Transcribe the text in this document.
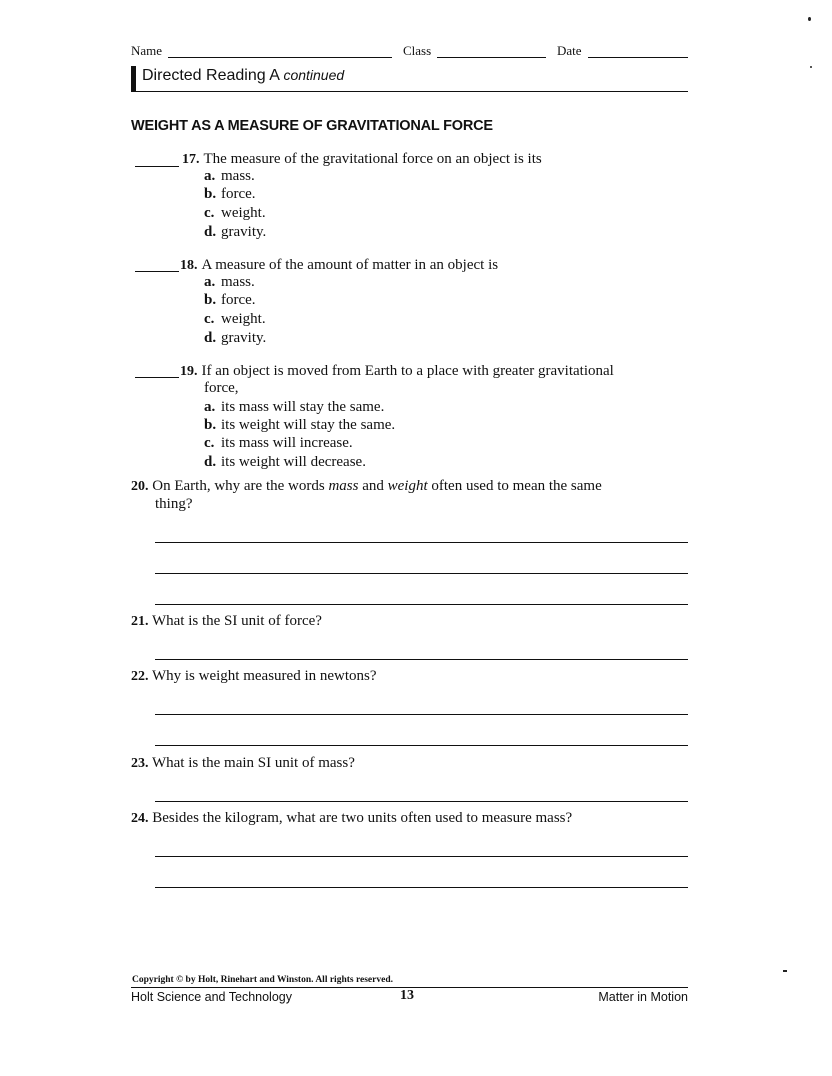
Name	Class	Date
Directed Reading A continued
WEIGHT AS A MEASURE OF GRAVITATIONAL FORCE
17. The measure of the gravitational force on an object is its
a. mass.
b. force.
c. weight.
d. gravity.
18. A measure of the amount of matter in an object is
a. mass.
b. force.
c. weight.
d. gravity.
19. If an object is moved from Earth to a place with greater gravitational
force,
a. its mass will stay the same.
b. its weight will stay the same.
c. its mass will increase.
d. its weight will decrease.
20. On Earth, why are the words mass and weight often used to mean the same
thing?
21. What is the SI unit of force?
22. Why is weight measured in newtons?
23. What is the main SI unit of mass?
24. Besides the kilogram, what are two units often used to measure mass?
Copyright © by Holt, Rinehart and Winston. All rights reserved.
Holt Science and Technology	13	Matter in Motion
